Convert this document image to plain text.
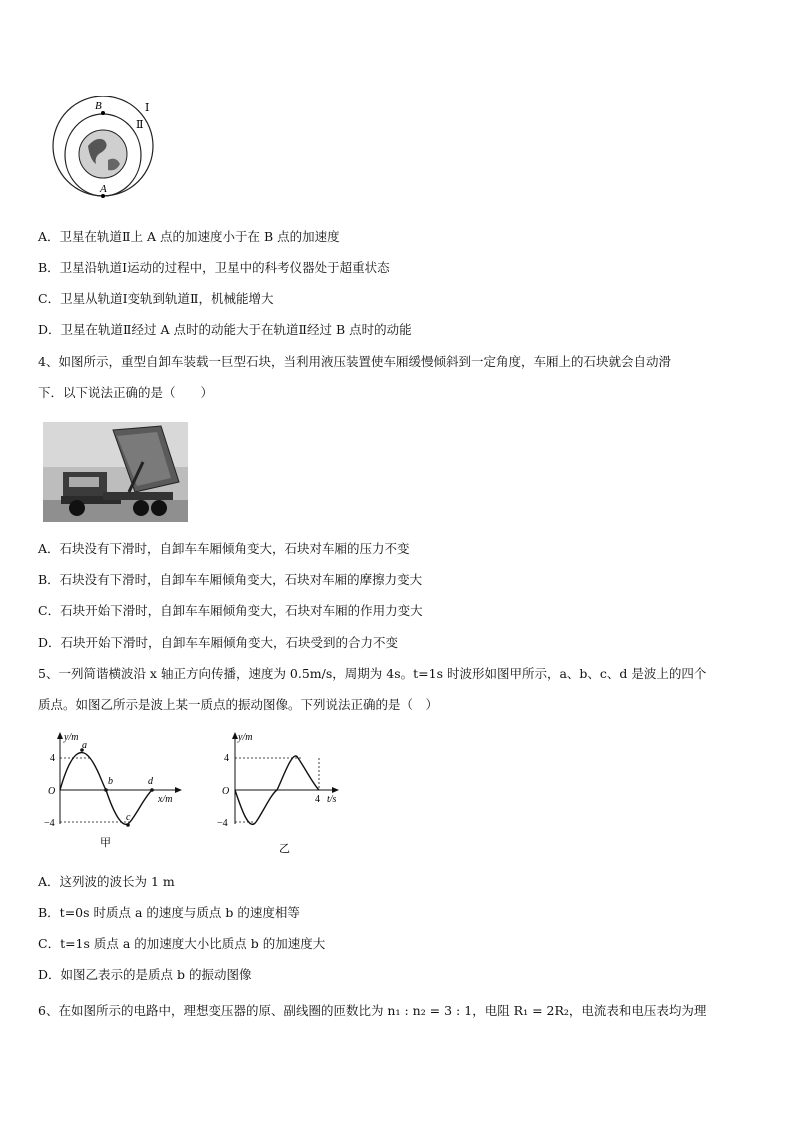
B
A
Ⅰ
Ⅱ
A．卫星在轨道Ⅱ上 A 点的加速度小于在 B 点的加速度
B．卫星沿轨道Ⅰ运动的过程中，卫星中的科考仪器处于超重状态
C．卫星从轨道Ⅰ变轨到轨道Ⅱ，机械能增大
D．卫星在轨道Ⅱ经过 A 点时的动能大于在轨道Ⅱ经过 B 点时的动能
4、如图所示，重型自卸车装载一巨型石块，当利用液压装置使车厢缓慢倾斜到一定角度，车厢上的石块就会自动滑
下．以下说法正确的是（　　）
A．石块没有下滑时，自卸车车厢倾角变大，石块对车厢的压力不变
B．石块没有下滑时，自卸车车厢倾角变大，石块对车厢的摩擦力变大
C．石块开始下滑时，自卸车车厢倾角变大，石块对车厢的作用力变大
D．石块开始下滑时，自卸车车厢倾角变大，石块受到的合力不变
5、一列简谐横波沿 x 轴正方向传播，速度为 0.5m/s，周期为 4s。t=1s 时波形如图甲所示，a、b、c、d 是波上的四个
质点。如图乙所示是波上某一质点的振动图像。下列说法正确的是（　）
y/m
4
O
−4
a
b
c
d
x/m
甲
y/m
4
O
−4
4 t/s
乙
A．这列波的波长为 1 m
B．t=0s 时质点 a 的速度与质点 b 的速度相等
C．t=1s 质点 a 的加速度大小比质点 b 的加速度大
D．如图乙表示的是质点 b 的振动图像
6、在如图所示的电路中，理想变压器的原、副线圈的匝数比为 n₁ : n₂ = 3 : 1，电阻 R₁ = 2R₂，电流表和电压表均为理
